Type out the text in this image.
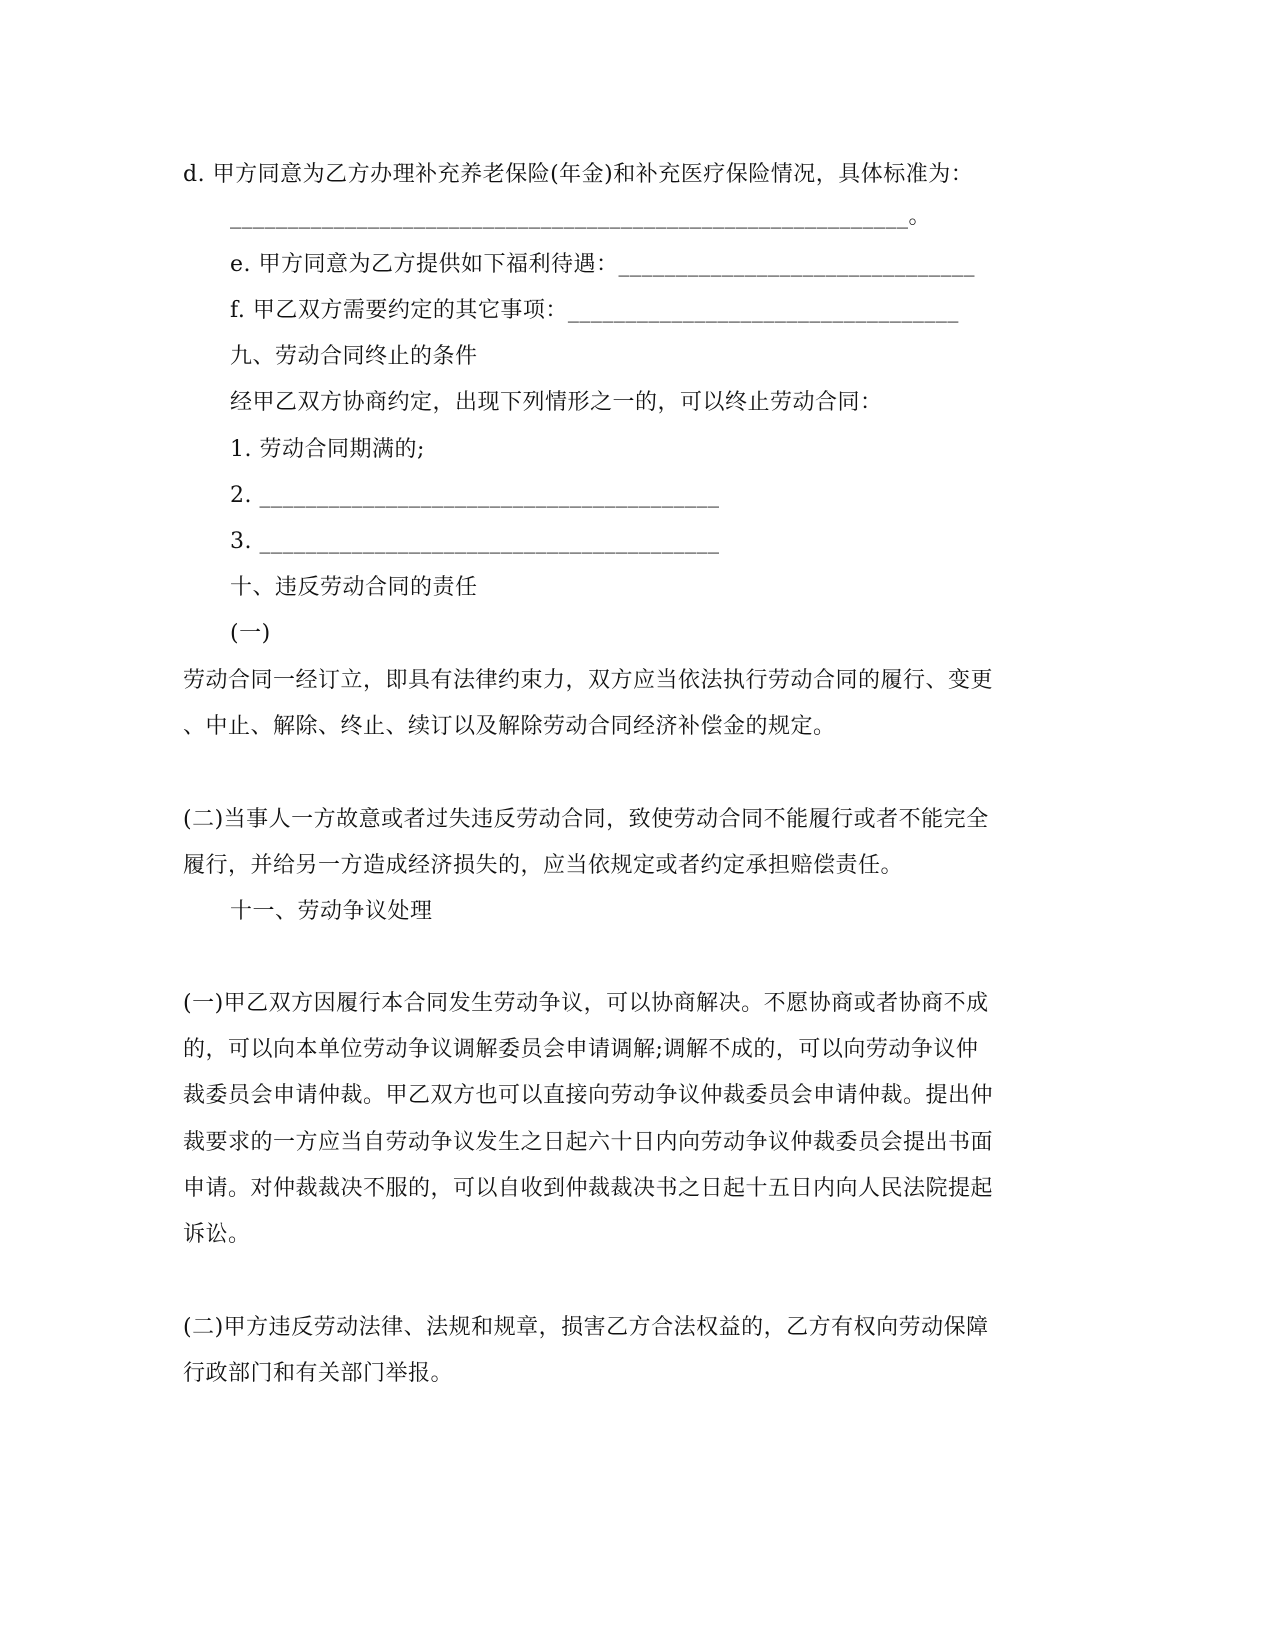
d. 甲方同意为乙方办理补充养老保险(年金)和补充医疗保险情况，具体标准为：
___________________________________________________________。
e. 甲方同意为乙方提供如下福利待遇：_______________________________
f. 甲乙双方需要约定的其它事项：__________________________________
九、劳动合同终止的条件
经甲乙双方协商约定，出现下列情形之一的，可以终止劳动合同：
1. 劳动合同期满的;
2. ________________________________________
3. ________________________________________
十、违反劳动合同的责任
(一)
劳动合同一经订立，即具有法律约束力，双方应当依法执行劳动合同的履行、变更
、中止、解除、终止、续订以及解除劳动合同经济补偿金的规定。
(二)当事人一方故意或者过失违反劳动合同，致使劳动合同不能履行或者不能完全
履行，并给另一方造成经济损失的，应当依规定或者约定承担赔偿责任。
十一、劳动争议处理
(一)甲乙双方因履行本合同发生劳动争议，可以协商解决。不愿协商或者协商不成
的，可以向本单位劳动争议调解委员会申请调解;调解不成的，可以向劳动争议仲
裁委员会申请仲裁。甲乙双方也可以直接向劳动争议仲裁委员会申请仲裁。提出仲
裁要求的一方应当自劳动争议发生之日起六十日内向劳动争议仲裁委员会提出书面
申请。对仲裁裁决不服的，可以自收到仲裁裁决书之日起十五日内向人民法院提起
诉讼。
(二)甲方违反劳动法律、法规和规章，损害乙方合法权益的，乙方有权向劳动保障
行政部门和有关部门举报。
